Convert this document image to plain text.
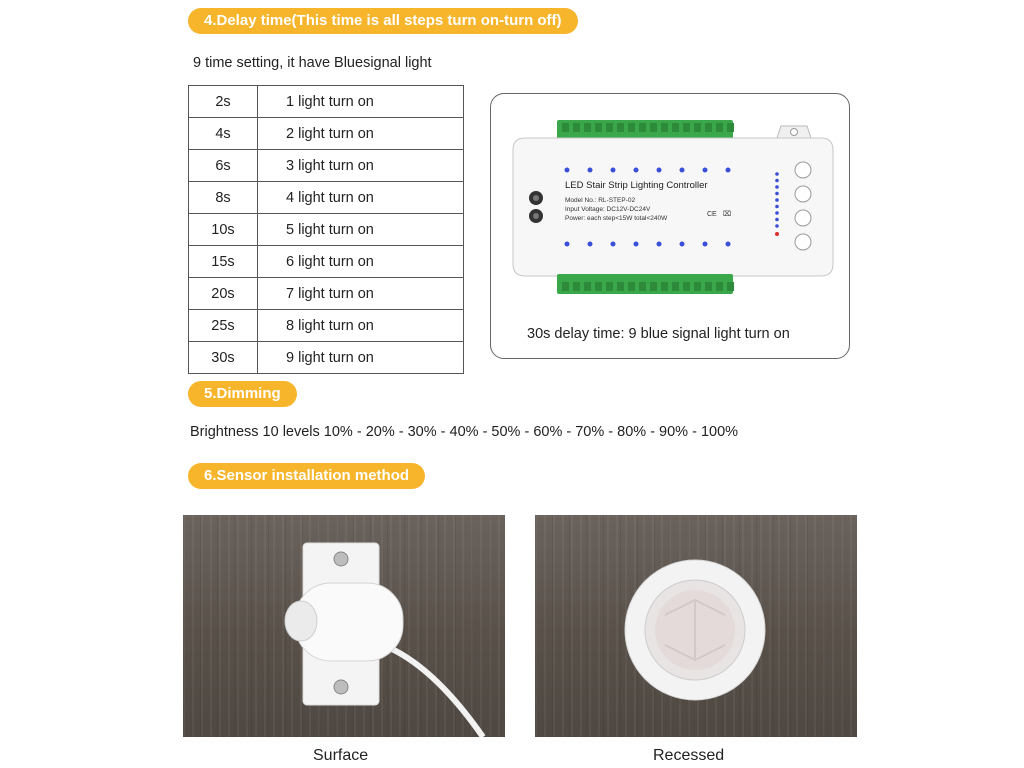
4.Delay time(This time is all steps turn on-turn off)
9 time setting, it have Bluesignal light
2s	1 light turn on
4s	2 light turn on
6s	3 light turn on
8s	4 light turn on
10s	5 light turn on
15s	6 light turn on
20s	7 light turn on
25s	8 light turn on
30s	9 light turn on
LED Stair Strip Lighting Controller
Model No.: RL-STEP-02
Input Voltage: DC12V-DC24V
Power: each step<15W total<240W
CE ⌧
30s delay time: 9 blue signal light turn on
5.Dimming
Brightness 10 levels 10% - 20% - 30% - 40% - 50% - 60% - 70% - 80% - 90% - 100%
6.Sensor installation method
Surface	Recessed
